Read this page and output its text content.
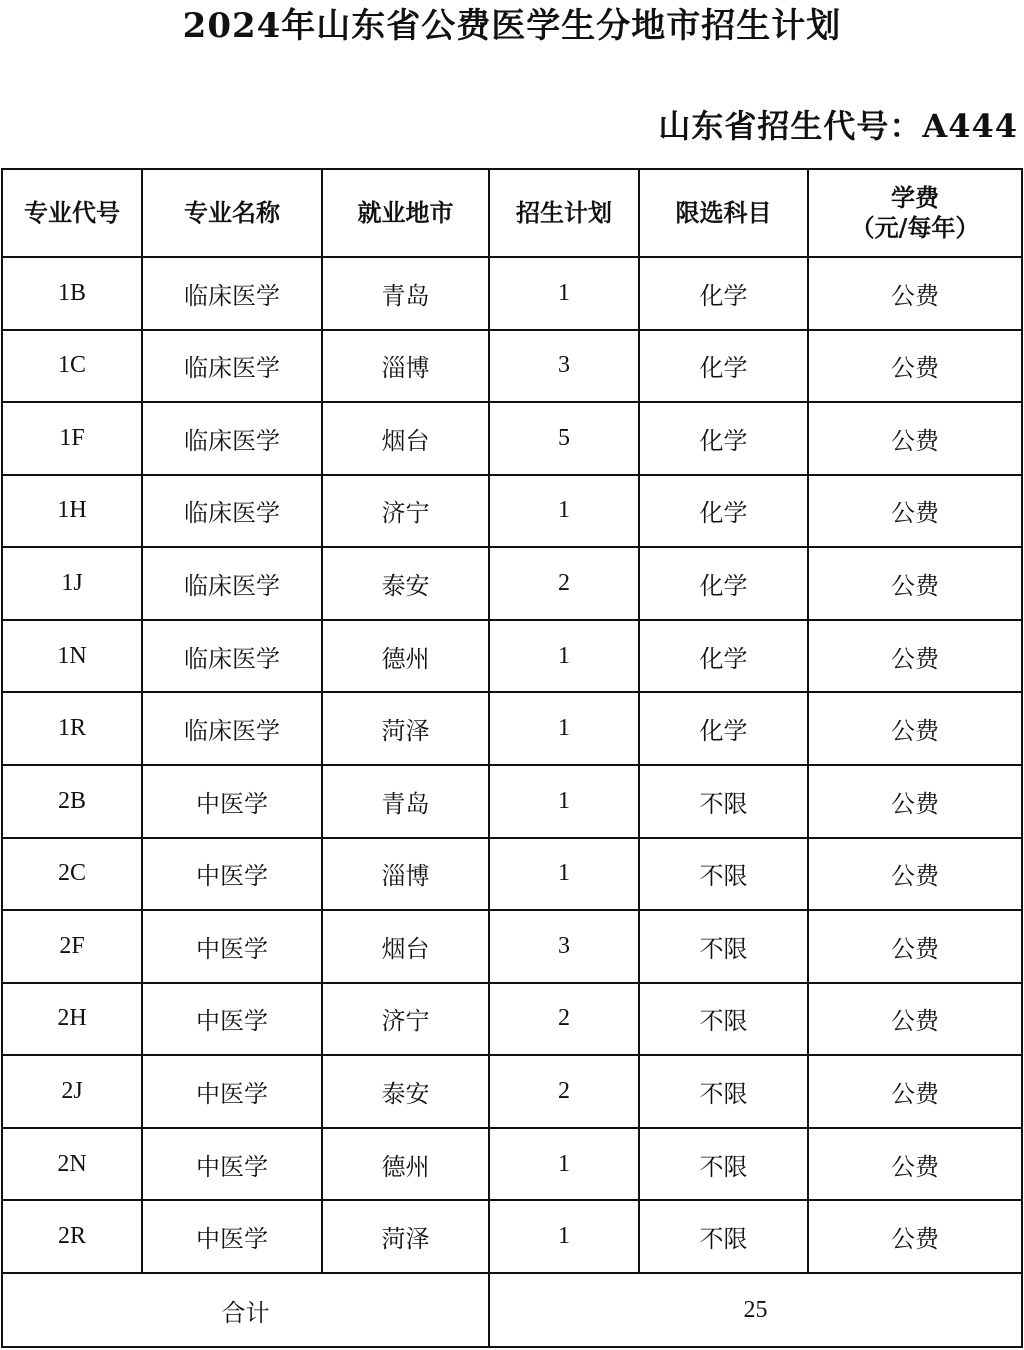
2024年山东省公费医学生分地市招生计划
山东省招生代号：A444
专业代号	专业名称	就业地市	招生计划	限选科目	学费
（元/每年）

1B	临床医学	青岛	1	化学	公费
1C	临床医学	淄博	3	化学	公费
1F	临床医学	烟台	5	化学	公费
1H	临床医学	济宁	1	化学	公费
1J	临床医学	泰安	2	化学	公费
1N	临床医学	德州	1	化学	公费
1R	临床医学	菏泽	1	化学	公费
2B	中医学	青岛	1	不限	公费
2C	中医学	淄博	1	不限	公费
2F	中医学	烟台	3	不限	公费
2H	中医学	济宁	2	不限	公费
2J	中医学	泰安	2	不限	公费
2N	中医学	德州	1	不限	公费
2R	中医学	菏泽	1	不限	公费
合计			25		
